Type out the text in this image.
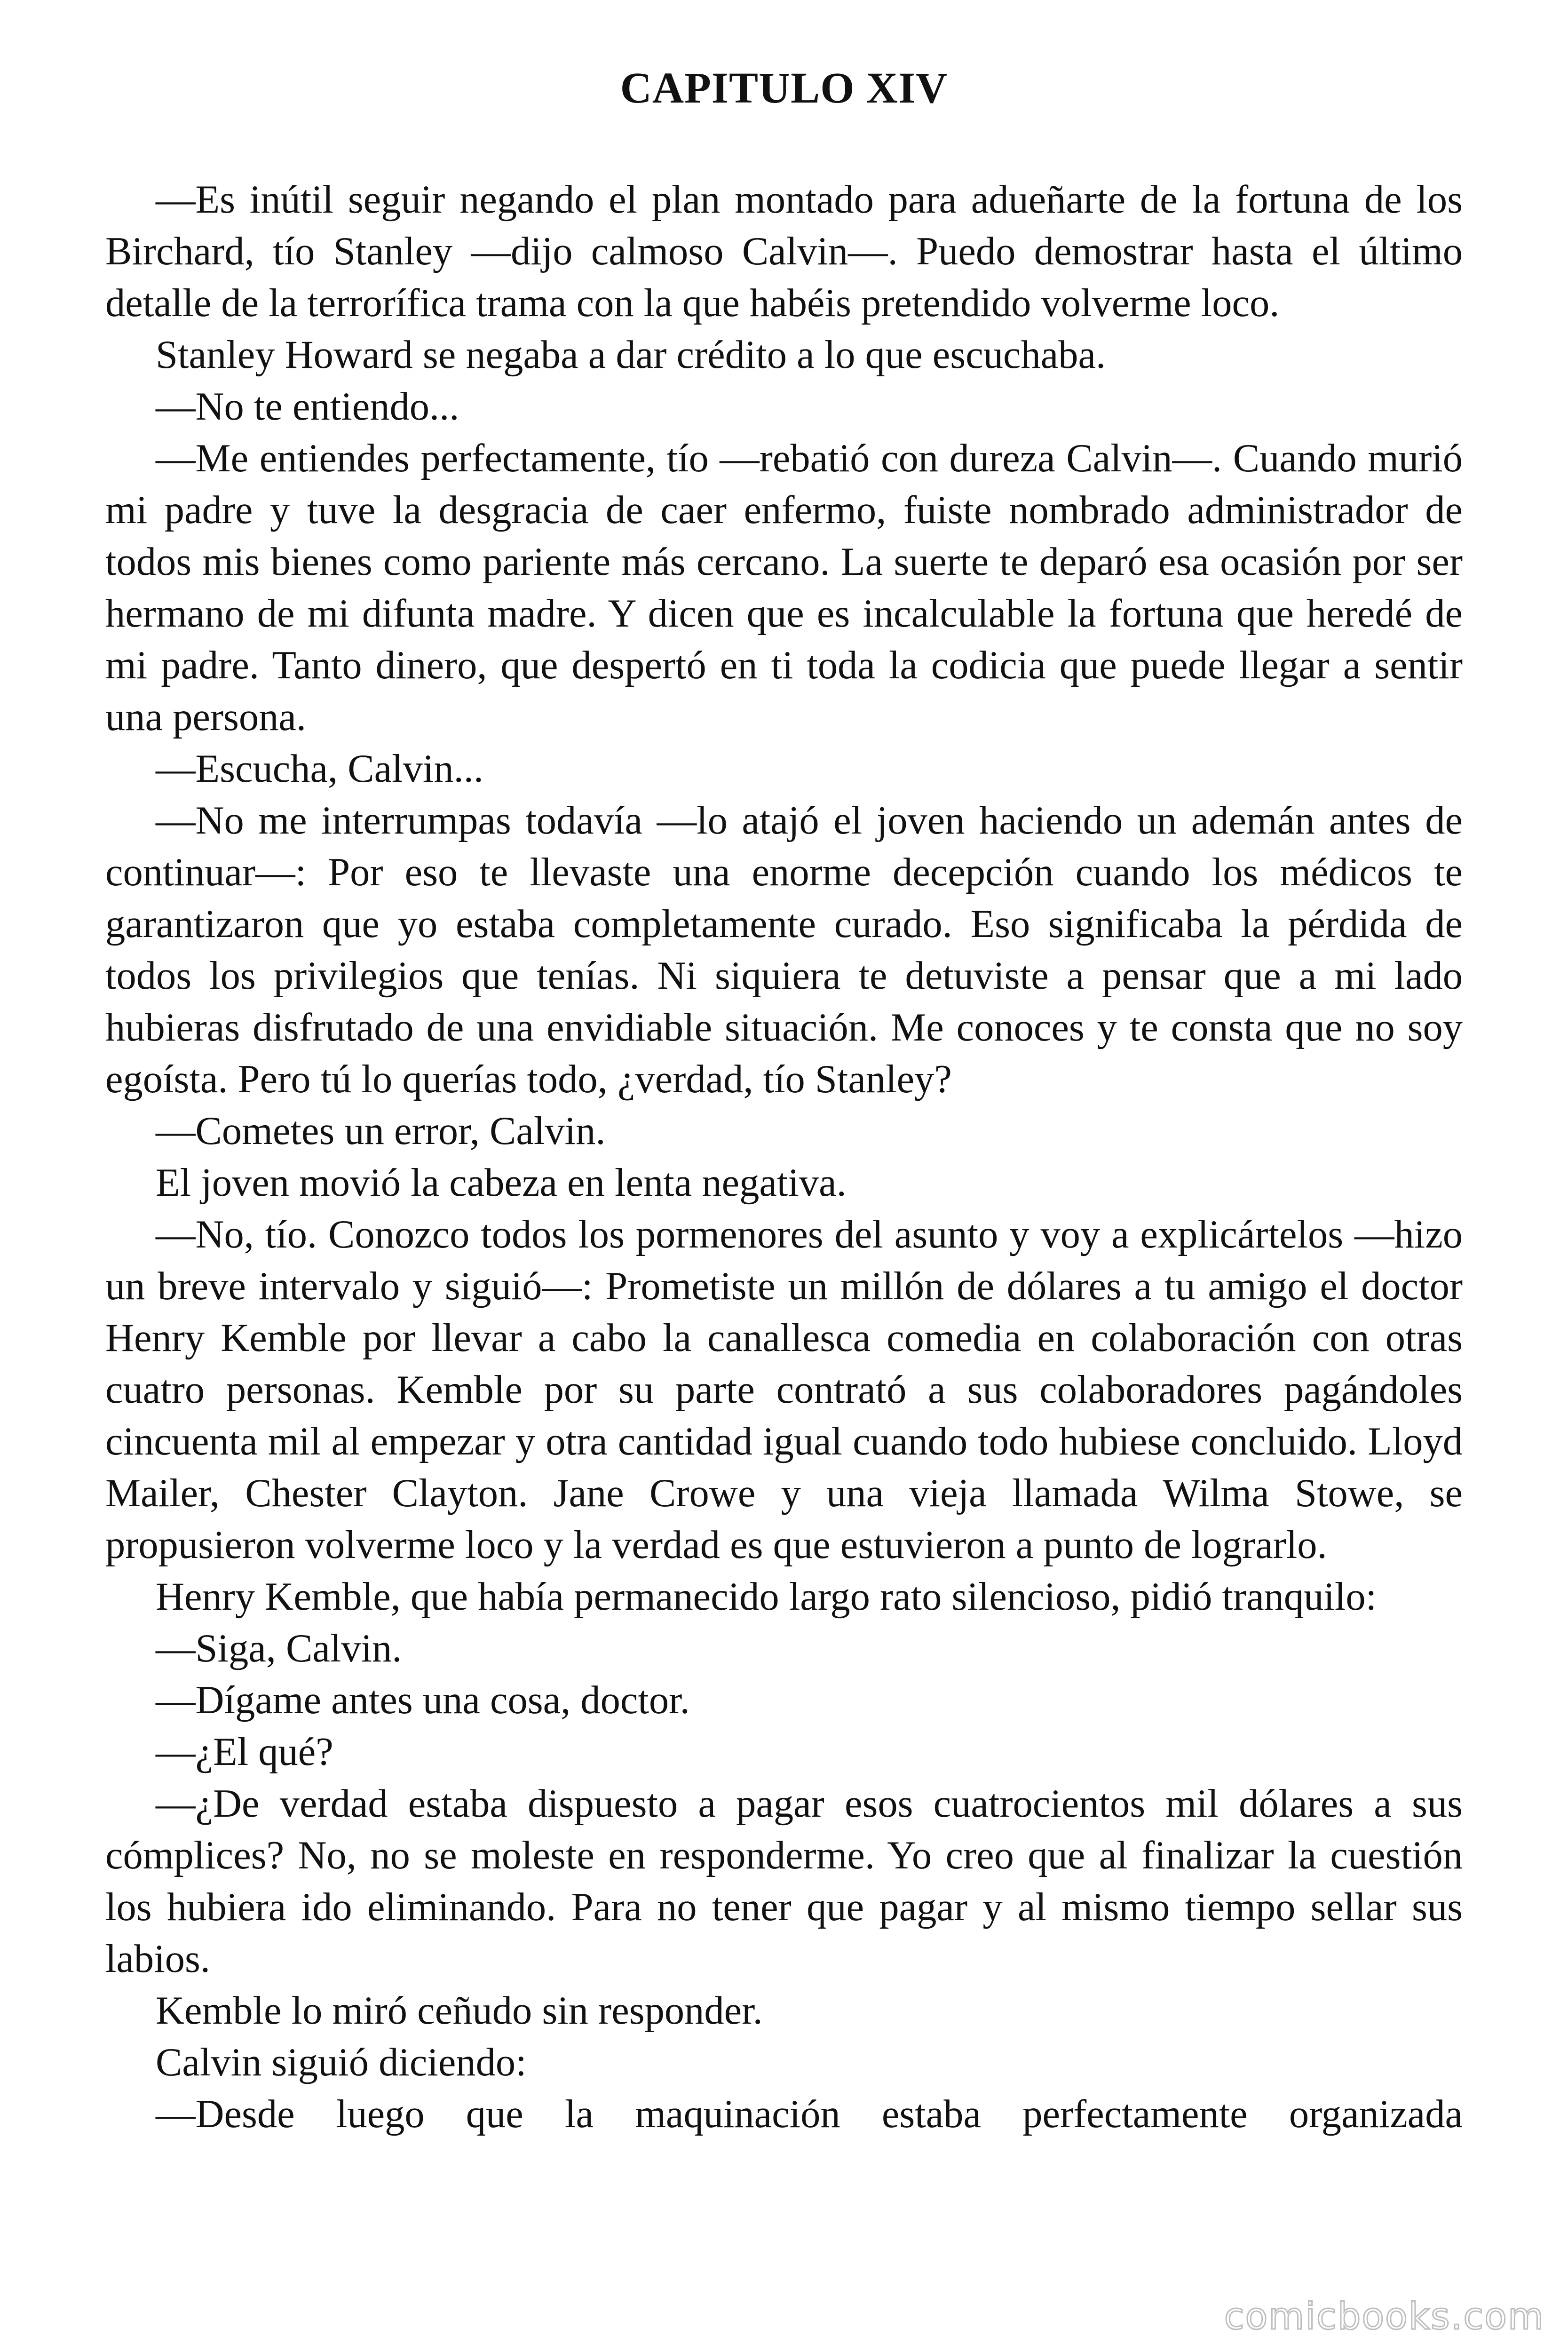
CAPITULO XIV

—Es inútil seguir negando el plan montado para adueñarte de la fortuna de los Birchard, tío Stanley —dijo calmoso Calvin—. Puedo demostrar hasta el último detalle de la terrorífica trama con la que habéis pretendido volverme loco.

Stanley Howard se negaba a dar crédito a lo que escuchaba.

—No te entiendo...

—Me entiendes perfectamente, tío —rebatió con dureza Calvin—. Cuando murió mi padre y tuve la desgracia de caer enfermo, fuiste nombrado administrador de todos mis bienes como pariente más cercano. La suerte te deparó esa ocasión por ser hermano de mi difunta madre. Y dicen que es incalculable la fortuna que heredé de mi padre. Tanto dinero, que despertó en ti toda la codicia que puede llegar a sentir una persona.

—Escucha, Calvin...

—No me interrumpas todavía —lo atajó el joven haciendo un ademán antes de continuar—: Por eso te llevaste una enorme decepción cuando los médicos te garantizaron que yo estaba completamente curado. Eso significaba la pérdida de todos los privilegios que tenías. Ni siquiera te detuviste a pensar que a mi lado hubieras disfrutado de una envidiable situación. Me conoces y te consta que no soy egoísta. Pero tú lo querías todo, ¿verdad, tío Stanley?

—Cometes un error, Calvin.

El joven movió la cabeza en lenta negativa.

—No, tío. Conozco todos los pormenores del asunto y voy a explicártelos —hizo un breve intervalo y siguió—: Prometiste un millón de dólares a tu amigo el doctor Henry Kemble por llevar a cabo la canallesca comedia en colaboración con otras cuatro personas. Kemble por su parte contrató a sus colaboradores pagándoles cincuenta mil al empezar y otra cantidad igual cuando todo hubiese concluido. Lloyd Mailer, Chester Clayton. Jane Crowe y una vieja llamada Wilma Stowe, se propusieron volverme loco y la verdad es que estuvieron a punto de lograrlo.

Henry Kemble, que había permanecido largo rato silencioso, pidió tranquilo:

—Siga, Calvin.

—Dígame antes una cosa, doctor.

—¿El qué?

—¿De verdad estaba dispuesto a pagar esos cuatrocientos mil dólares a sus cómplices? No, no se moleste en responderme. Yo creo que al finalizar la cuestión los hubiera ido eliminando. Para no tener que pagar y al mismo tiempo sellar sus labios.

Kemble lo miró ceñudo sin responder.

Calvin siguió diciendo:

—Desde luego que la maquinación estaba perfectamente organizada

comicbooks.com
